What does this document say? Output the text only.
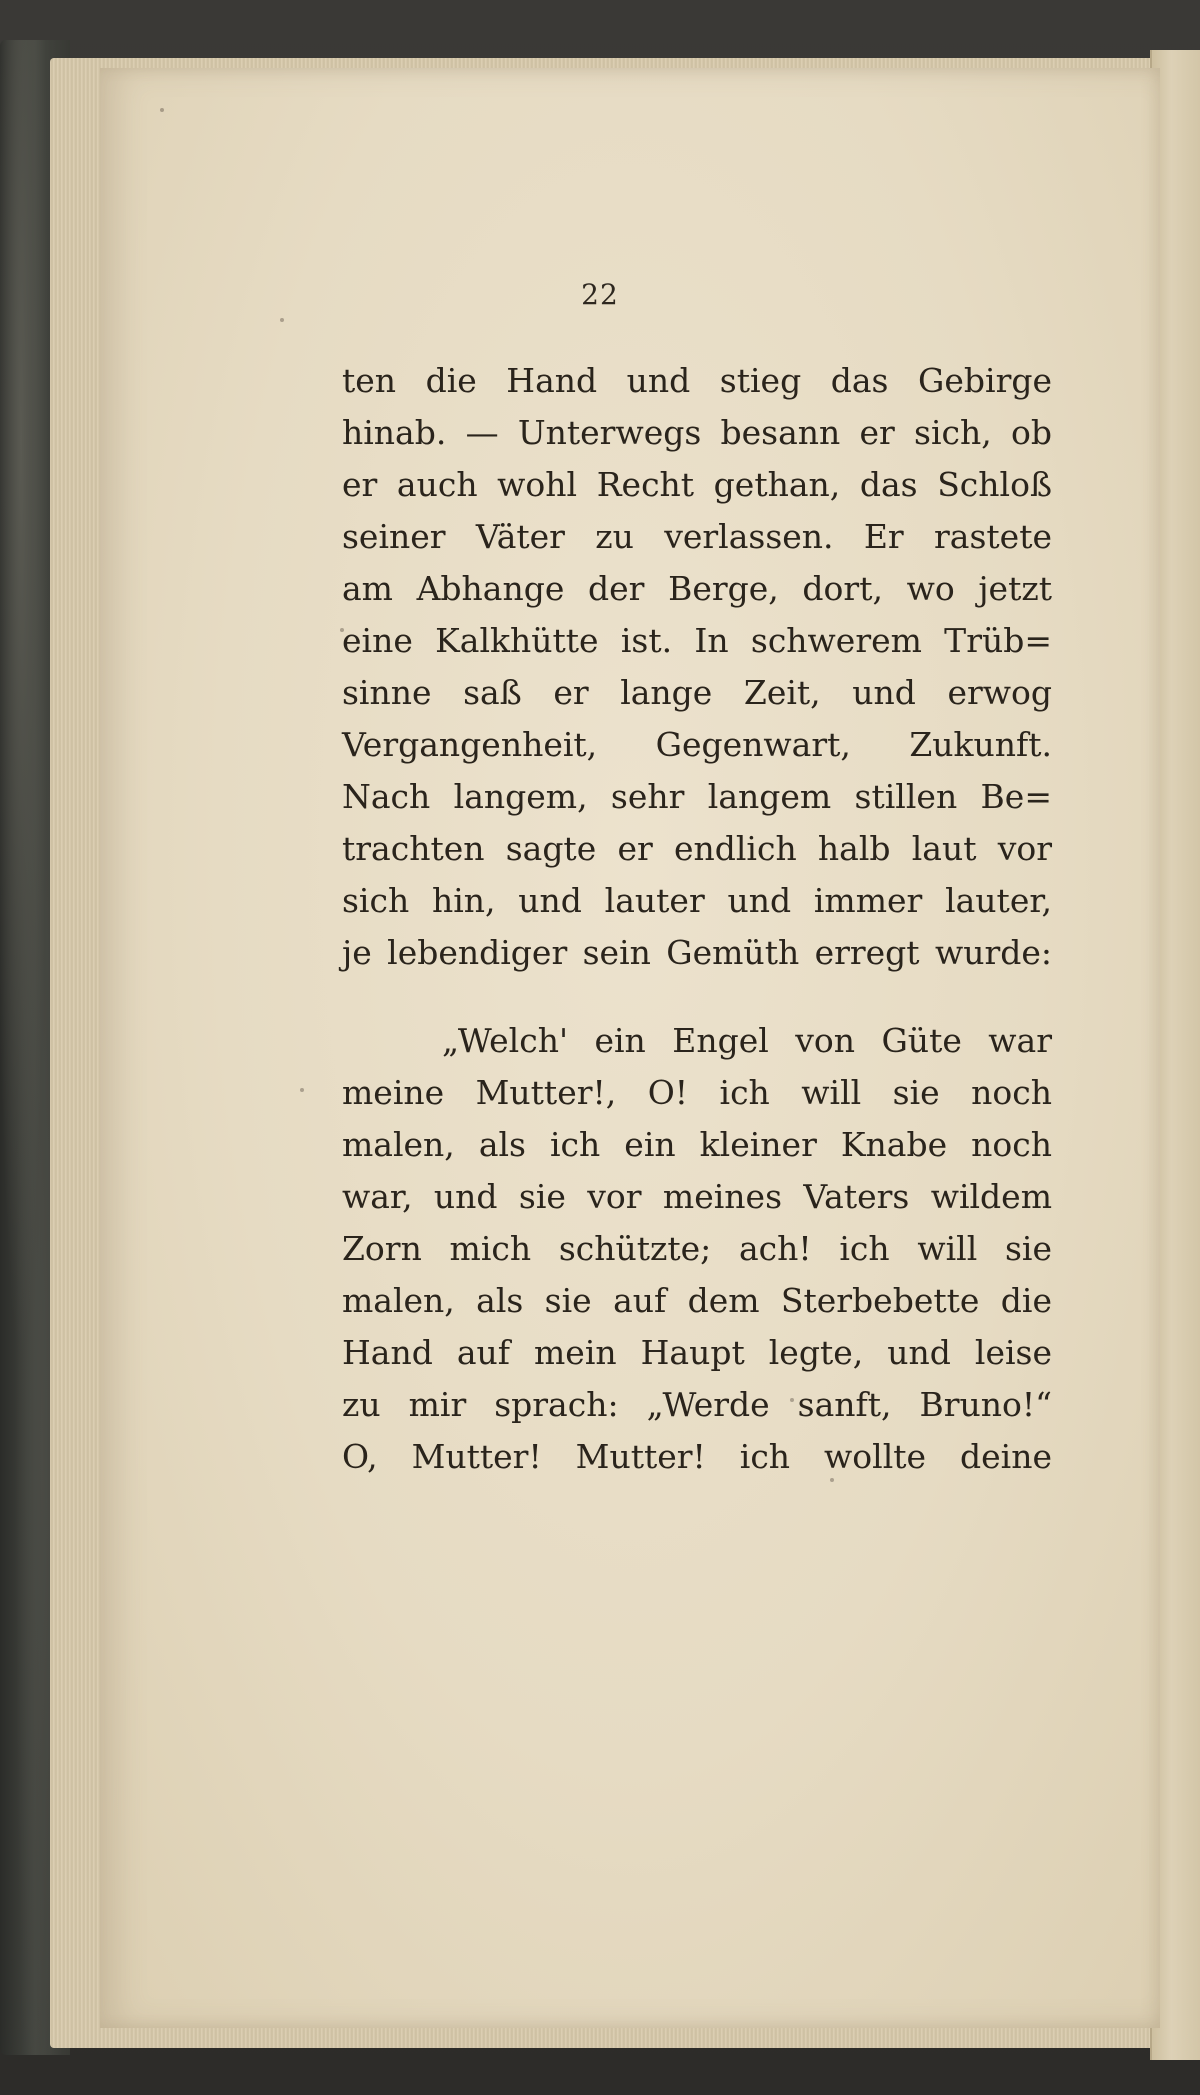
22
ten die Hand und stieg das Gebirge
hinab. — Unterwegs besann er sich, ob
er auch wohl Recht gethan, das Schloß
seiner Väter zu verlassen. Er rastete
am Abhange der Berge, dort, wo jetzt
eine Kalkhütte ist. In schwerem Trüb=
sinne saß er lange Zeit, und erwog
Vergangenheit, Gegenwart, Zukunft.
Nach langem, sehr langem stillen Be=
trachten sagte er endlich halb laut vor
sich hin, und lauter und immer lauter,
je lebendiger sein Gemüth erregt wurde:
„Welch' ein Engel von Güte war
meine Mutter!, O! ich will sie noch
malen, als ich ein kleiner Knabe noch
war, und sie vor meines Vaters wildem
Zorn mich schützte; ach! ich will sie
malen, als sie auf dem Sterbebette die
Hand auf mein Haupt legte, und leise
zu mir sprach: „Werde sanft, Bruno!“
O, Mutter! Mutter! ich wollte deine
